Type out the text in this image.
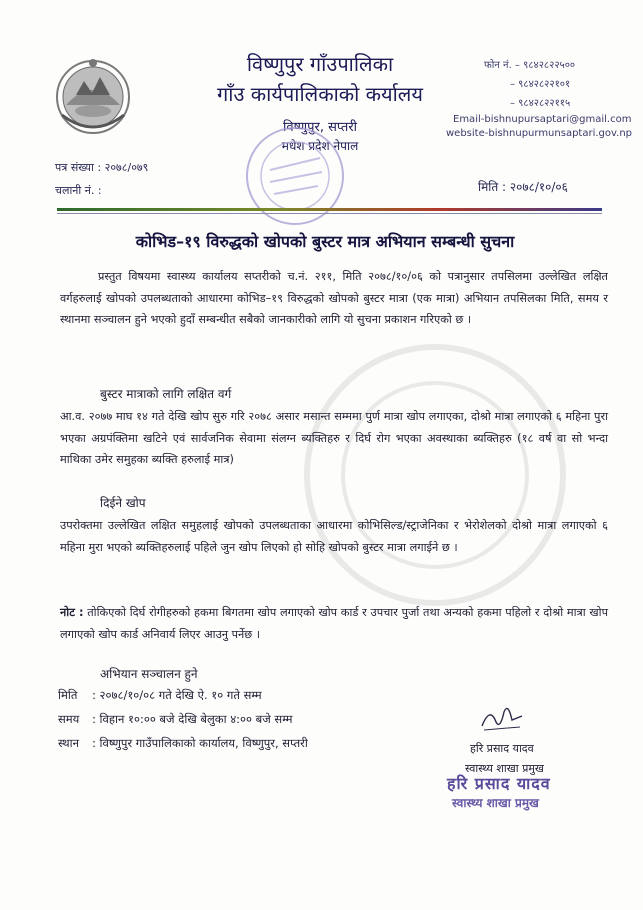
विष्णुपुर गाँउपालिका
गाँउ कार्यपालिकाको कर्यालय
विष्णुपुर, सप्तरी
मधेश प्रदेश नेपाल
फोन नं. – ९८४२८२२५००
– ९८४२८२२१०१
– ९८४२८२२११५
Email-bishnupursaptari@gmail.com
website-bishnupurmunsaptari.gov.np
पत्र संख्या : २०७८/०७९
चलानी नं. :	मिति : २०७८/१०/०६
कोभिड–१९ विरुद्धको खोपको बुस्टर मात्र अभियान सम्बन्धी सुचना
प्रस्तुत विषयमा स्वास्थ्य कार्यालय सप्तरीको च.नं. २११, मिति २०७८/१०/०६ को पत्रानुसार तपसिलमा उल्लेखित लक्षित वर्गहरुलाई खोपको उपलब्धताको आधारमा कोभिड–१९ विरुद्धको खोपको बुस्टर मात्रा (एक मात्रा) अभियान तपसिलका मिति, समय र स्थानमा सञ्चालन हुने भएको हुदाँ सम्बन्धीत सबैको जानकारीको लागि यो सुचना प्रकाशन गरिएको छ ।
बुस्टर मात्राको लागि लक्षित वर्ग
आ.व. २०७७ माघ १४ गते देखि खोप सुरु गरि २०७८ असार मसान्त सम्ममा पुर्ण मात्रा खोप लगाएका, दोश्रो मात्रा लगाएको ६ महिना पुरा भएका अग्रपंक्तिमा खटिने एवं सार्वजनिक सेवामा संलग्न ब्यक्तिहरु र दिर्घ रोग भएका अवस्थाका ब्यक्तिहरु (१८ वर्ष वा सो भन्दा माथिका उमेर समुहका ब्यक्ति हरुलाई मात्र)
दिईने खोप
उपरोक्तमा उल्लेखित लक्षित समुहलाई खोपको उपलब्धताका आधारमा कोभिसिल्ड/स्ट्राजेनिका र भेरोशेलको दोश्रो मात्रा लगाएको ६ महिना मुरा भएको ब्यक्तिहरुलाई पहिले जुन खोप लिएको हो सोहि खोपको बुस्टर मात्रा लगाईने छ ।
नोट : तोकिएको दिर्घ रोगीहरुको हकमा बिगतमा खोप लगाएको खोप कार्ड र उपचार पुर्जा तथा अन्यको हकमा पहिलो र दोश्रो मात्रा खोप लगाएको खोप कार्ड अनिवार्य लिएर आउनु पर्नेछ ।
अभियान सञ्चालन हुने
मिति : २०७८/१०/०८ गते देखि ऐ. १० गते सम्म
समय : विहान १०:०० बजे देखि बेलुका ४:०० बजे सम्म
स्थान : विष्णुपुर गाउँपालिकाको कार्यालय, विष्णुपुर, सप्तरी	हरि प्रसाद यादव
स्वास्थ्य शाखा प्रमुख
हरि प्रसाद यादव
स्वास्थ्य शाखा प्रमुख
